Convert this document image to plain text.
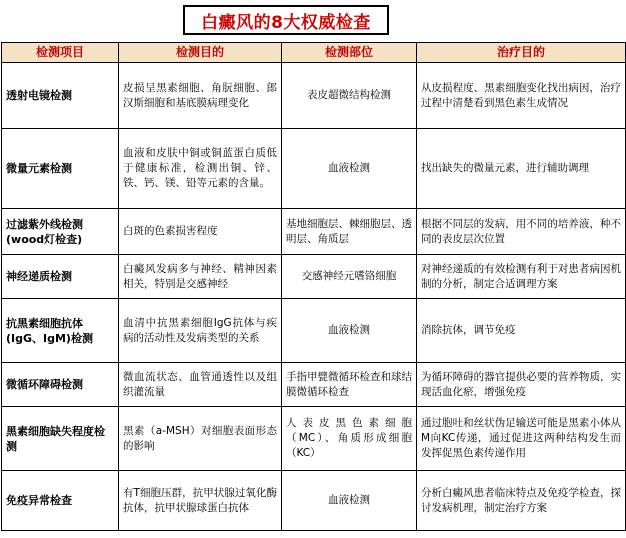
白癜风的8大权威检查
检测项目	检测目的	检测部位	治疗目的
透射电镜检测	皮损呈黑素细胞、角朊细胞、郎汉斯细胞和基底膜病理变化	表皮超微结构检测	从皮损程度、黑素细胞变化找出病因，治疗过程中清楚看到黑色素生成情况
微量元素检测	血液和皮肤中铜或铜蓝蛋白质低于健康标准，检测出铜、锌、铁、钙、镁、铅等元素的含量。	血液检测	找出缺失的微量元素，进行辅助调理
过滤紫外线检测(wood灯检查)	白斑的色素损害程度	基地细胞层、棘细胞层、透明层、角质层	根据不同层的发病，用不同的培养液，种不同的表皮层次位置
神经递质检测	白癜风发病多与神经、精神因素相关，特别是交感神经	交感神经元嗜铬细胞	对神经递质的有效检测有利于对患者病因机制的分析，制定合适调理方案
抗黑素细胞抗体(IgG、IgM)检测	血清中抗黑素细胞IgG抗体与疾病的活动性及发病类型的关系	血液检测	消除抗体，调节免疫
微循环障碍检测	微血流状态、血管通透性以及组织灌流量	手指甲甓微循环检查和球结膜微循环检查	为循环障碍的器官提供必要的营养物质，实现活血化瘀，增强免疫
黑素细胞缺失程度检测	黑素（a-MSH）对细胞表面形态的影响	人表皮黑色素细胞（MC）、角质形成细胞（KC）	通过胞吐和丝状伪足输送可能是黑素小体从M向KC传递，通过促进这两种结构发生而发挥促黑色素传递作用
免疫异常检查	有T细胞压群，抗甲状腺过氧化酶抗体，抗甲状腺球蛋白抗体	血液检测	分析白癜风患者临床特点及免疫学检查，探讨发病机理，制定治疗方案
